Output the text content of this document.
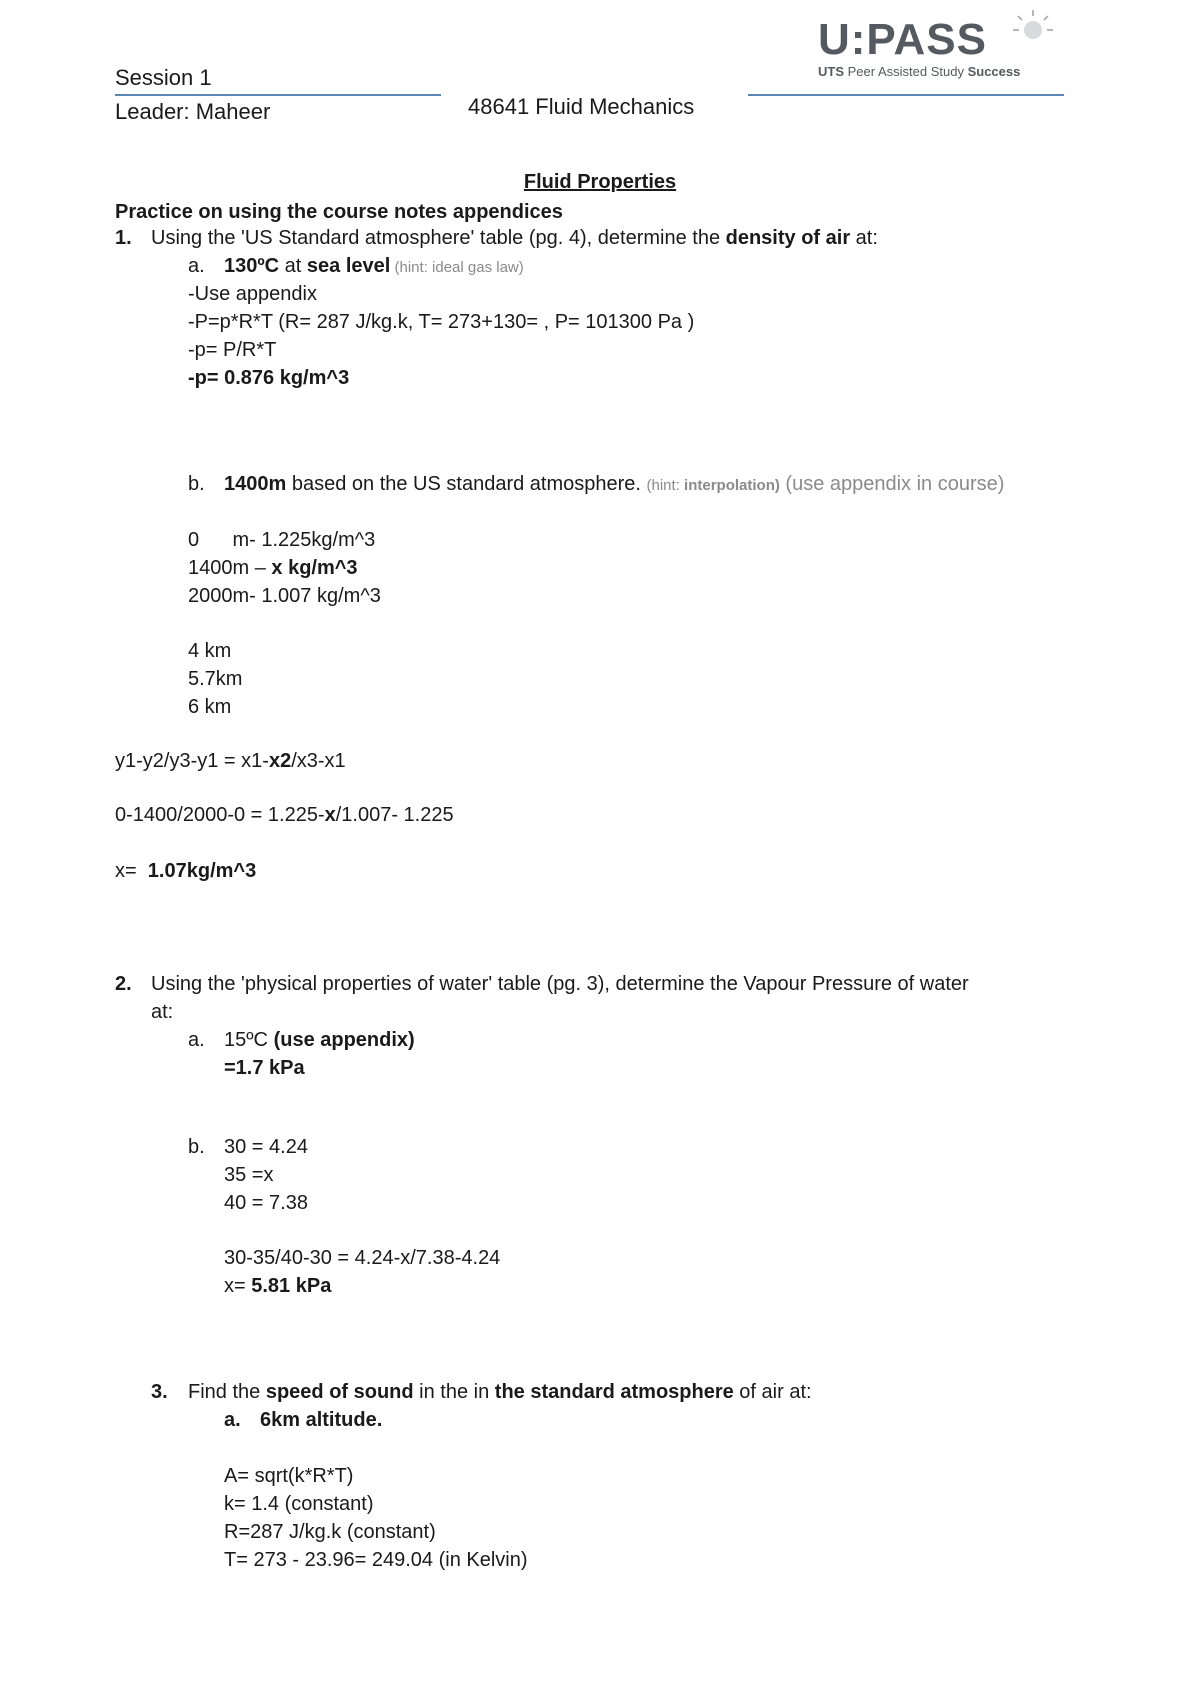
Session 1
Leader: Maheer	48641 Fluid Mechanics
U:PASS
UTS Peer Assisted Study Success
Fluid Properties
Practice on using the course notes appendices
1. Using the 'US Standard atmosphere' table (pg. 4), determine the density of air at:
a. 130ºC at sea level (hint: ideal gas law)
-Use appendix
-P=p*R*T (R= 287 J/kg.k, T= 273+130= , P= 101300 Pa )
-p= P/R*T
-p= 0.876 kg/m^3
b. 1400m based on the US standard atmosphere. (hint: interpolation) (use appendix in course)
0      m- 1.225kg/m^3
1400m – x kg/m^3
2000m- 1.007 kg/m^3
4 km
5.7km
6 km
y1-y2/y3-y1 = x1-x2/x3-x1
0-1400/2000-0 = 1.225-x/1.007- 1.225
x=  1.07kg/m^3
2. Using the 'physical properties of water' table (pg. 3), determine the Vapour Pressure of water
at:
a. 15ºC (use appendix)
=1.7 kPa
b. 30 = 4.24
35 =x
40 = 7.38
30-35/40-30 = 4.24-x/7.38-4.24
x= 5.81 kPa
3. Find the speed of sound in the in the standard atmosphere of air at:
a. 6km altitude.
A= sqrt(k*R*T)
k= 1.4 (constant)
R=287 J/kg.k (constant)
T= 273 - 23.96= 249.04 (in Kelvin)
